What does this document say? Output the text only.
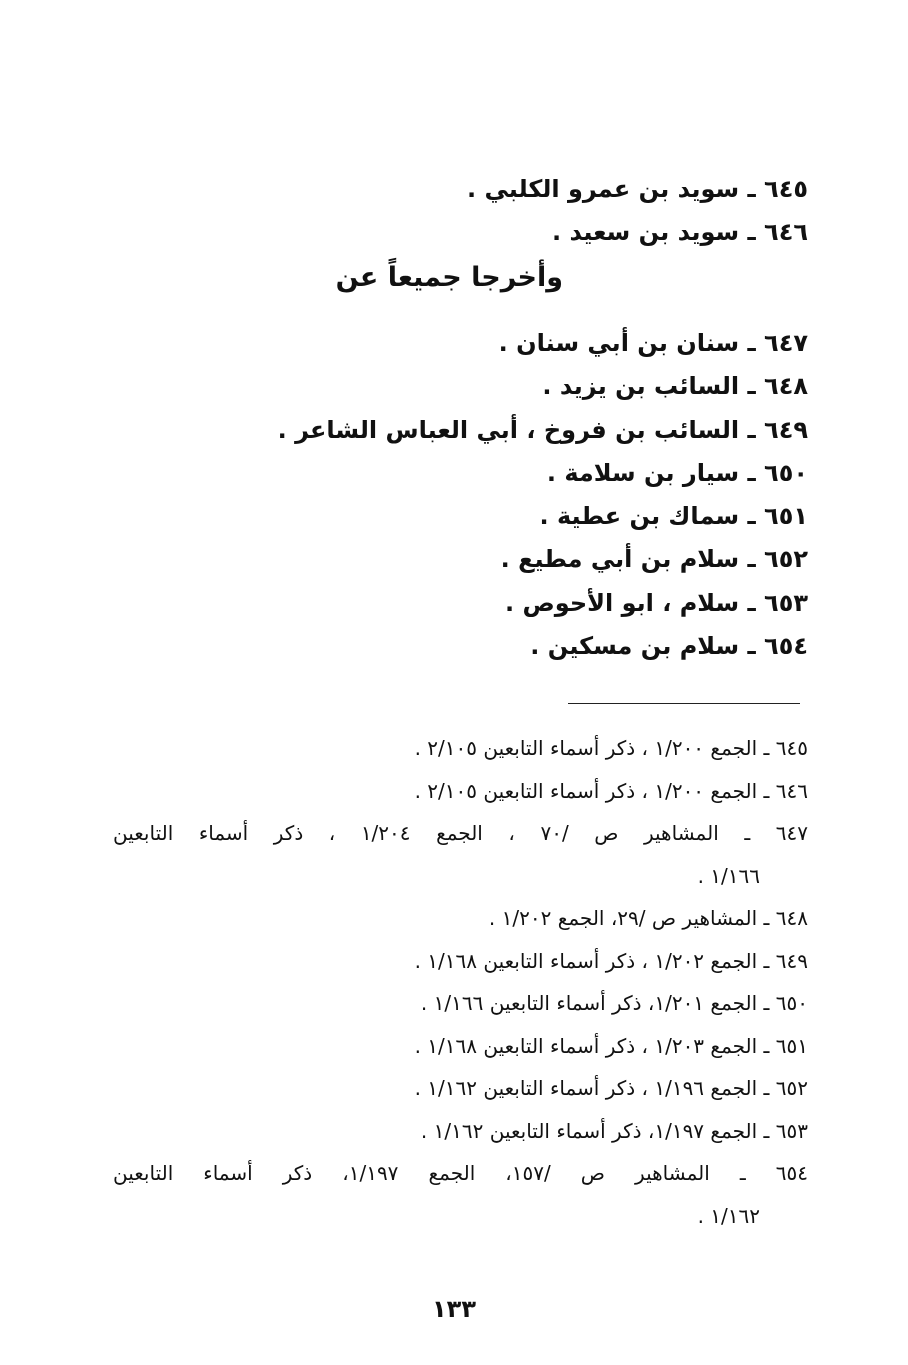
٦٤٥ ـ سويد بن عمرو الكلبي .
٦٤٦ ـ سويد بن سعيد .
وأخرجا جميعاً عن
٦٤٧ ـ سنان بن أبي سنان .
٦٤٨ ـ السائب بن يزيد .
٦٤٩ ـ السائب بن فروخ ، أبي العباس الشاعر .
٦٥٠ ـ سيار بن سلامة .
٦٥١ ـ سماك بن عطية .
٦٥٢ ـ سلام بن أبي مطيع .
٦٥٣ ـ سلام ، ابو الأحوص .
٦٥٤ ـ سلام بن مسكين .
٦٤٥ ـ الجمع ١/٢٠٠ ، ذكر أسماء التابعين ٢/١٠٥ .
٦٤٦ ـ الجمع ١/٢٠٠ ، ذكر أسماء التابعين ٢/١٠٥ .
٦٤٧ ـ المشاهير ص /٧٠ ، الجمع ١/٢٠٤ ، ذكر أسماء التابعين
١/١٦٦ .
٦٤٨ ـ المشاهير ص /٢٩، الجمع ١/٢٠٢ .
٦٤٩ ـ الجمع ١/٢٠٢ ، ذكر أسماء التابعين ١/١٦٨ .
٦٥٠ ـ الجمع ١/٢٠١، ذكر أسماء التابعين ١/١٦٦ .
٦٥١ ـ الجمع ١/٢٠٣ ، ذكر أسماء التابعين ١/١٦٨ .
٦٥٢ ـ الجمع ١/١٩٦ ، ذكر أسماء التابعين ١/١٦٢ .
٦٥٣ ـ الجمع ١/١٩٧، ذكر أسماء التابعين ١/١٦٢ .
٦٥٤ ـ المشاهير ص /١٥٧، الجمع ١/١٩٧، ذكر أسماء التابعين
١/١٦٢ .
١٣٣
